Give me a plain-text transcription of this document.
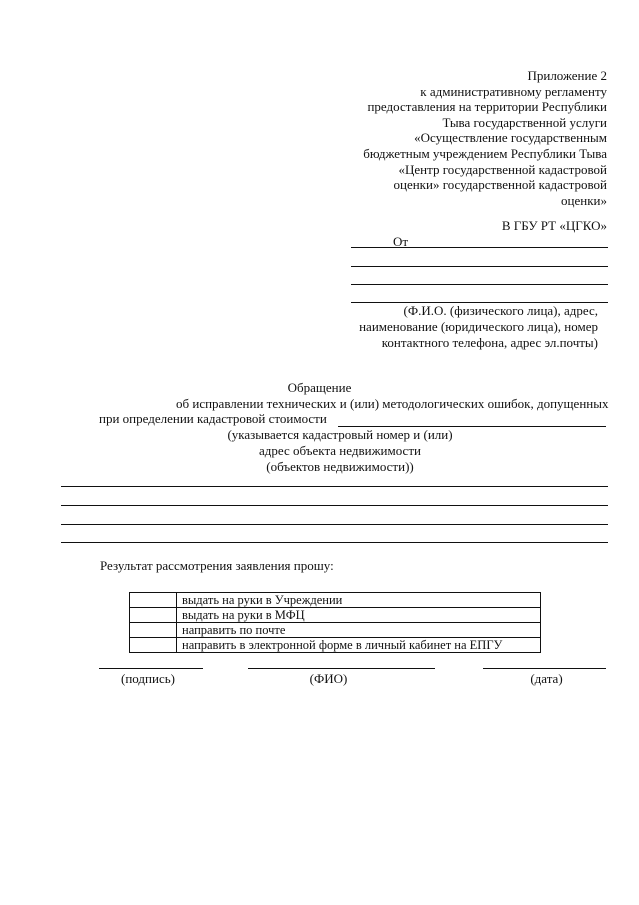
Приложение 2
к административному регламенту
предоставления на территории Республики
Тыва государственной услуги
«Осуществление государственным
бюджетным учреждением Республики Тыва
«Центр государственной кадастровой
оценки» государственной кадастровой
оценки»
В ГБУ РТ «ЦГКО»
От
(Ф.И.О. (физического лица), адрес,
наименование (юридического лица), номер
контактного телефона, адрес эл.почты)
Обращение
об исправлении технических и (или) методологических ошибок, допущенных
при определении кадастровой стоимости
(указывается кадастровый номер и (или)
адрес объекта недвижимости
(объектов недвижимости))
Результат рассмотрения заявления прошу:
	выдать на руки в Учреждении
	выдать на руки в МФЦ
	направить по почте
	направить в электронной форме в личный кабинет на ЕПГУ
(подпись)	(ФИО)	(дата)
